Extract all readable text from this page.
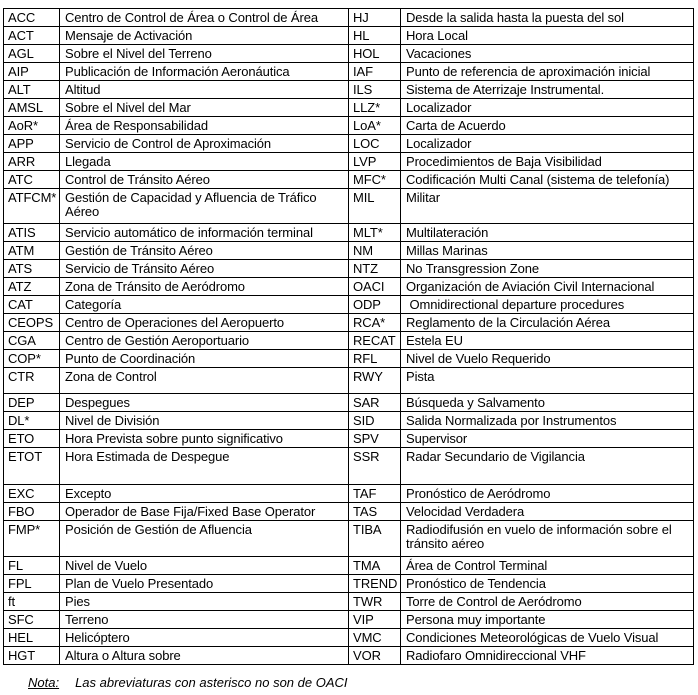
ACC	Centro de Control de Área o Control de Área	HJ	Desde la salida hasta la puesta del sol
ACT	Mensaje de Activación	HL	Hora Local
AGL	Sobre el Nivel del Terreno	HOL	Vacaciones
AIP	Publicación de Información Aeronáutica	IAF	Punto de referencia de aproximación inicial
ALT	Altitud	ILS	Sistema de Aterrizaje Instrumental.
AMSL	Sobre el Nivel del Mar	LLZ*	Localizador
AoR*	Área de Responsabilidad	LoA*	Carta de Acuerdo
APP	Servicio de Control de Aproximación	LOC	Localizador
ARR	Llegada	LVP	Procedimientos de Baja Visibilidad
ATC	Control de Tránsito Aéreo	MFC*	Codificación Multi Canal (sistema de telefonía)
ATFCM*	Gestión de Capacidad y Afluencia de Tráfico Aéreo	MIL	Militar
ATIS	Servicio automático de información terminal	MLT*	Multilateración
ATM	Gestión de Tránsito Aéreo	NM	Millas Marinas
ATS	Servicio de Tránsito Aéreo	NTZ	No Transgression Zone
ATZ	Zona de Tránsito de Aeródromo	OACI	Organización de Aviación Civil Internacional
CAT	Categoría	ODP	Omnidirectional departure procedures
CEOPS	Centro de Operaciones del Aeropuerto	RCA*	Reglamento de la Circulación Aérea
CGA	Centro de Gestión Aeroportuario	RECAT	Estela EU
COP*	Punto de Coordinación	RFL	Nivel de Vuelo Requerido
CTR	Zona de Control	RWY	Pista
DEP	Despegues	SAR	Búsqueda y Salvamento
DL*	Nivel de División	SID	Salida Normalizada por Instrumentos
ETO	Hora Prevista sobre punto significativo	SPV	Supervisor
ETOT	Hora Estimada de Despegue	SSR	Radar Secundario de Vigilancia
EXC	Excepto	TAF	Pronóstico de Aeródromo
FBO	Operador de Base Fija/Fixed Base Operator	TAS	Velocidad Verdadera
FMP*	Posición de Gestión de Afluencia	TIBA	Radiodifusión en vuelo de información sobre el tránsito aéreo
FL	Nivel de Vuelo	TMA	Área de Control Terminal
FPL	Plan de Vuelo Presentado	TREND	Pronóstico de Tendencia
ft	Pies	TWR	Torre de Control de Aeródromo
SFC	Terreno	VIP	Persona muy importante
HEL	Helicóptero	VMC	Condiciones Meteorológicas de Vuelo Visual
HGT	Altura o Altura sobre	VOR	Radiofaro Omnidireccional VHF
Nota: Las abreviaturas con asterisco no son de OACI
